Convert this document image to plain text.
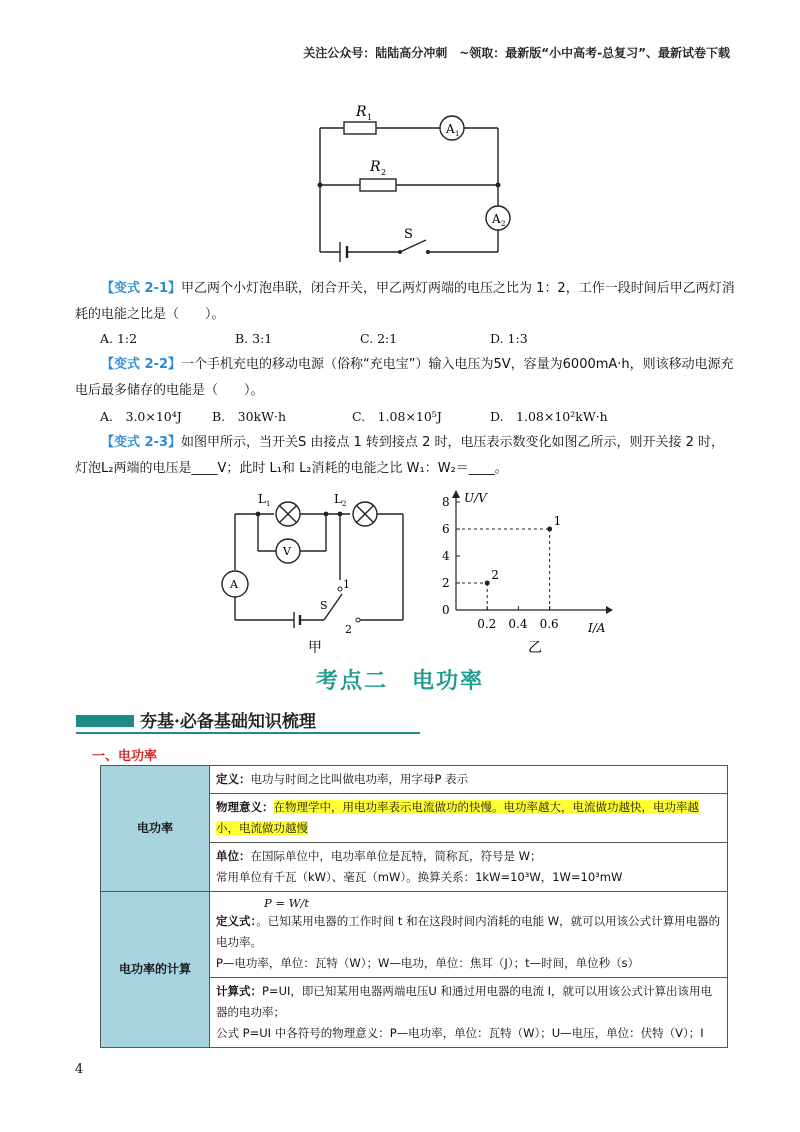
关注公众号：陆陆高分冲刺　~领取：最新版“小中高考-总复习”、最新试卷下载
R 1
A 1
R 2
A 2
S
【变式 2-1】甲乙两个小灯泡串联，闭合开关，甲乙两灯两端的电压之比为 1：2，工作一段时间后甲乙两灯消耗的电能之比是（　　）。
A. 1:2	B. 3:1	C. 2:1	D. 1:3
【变式 2-2】一个手机充电的移动电源（俗称“充电宝”）输入电压为5V，容量为6000mA·h，则该移动电源充电后最多储存的电能是（　　）。
A.　3.0×10⁴J B.　30kW·h	C.　1.08×10⁵J	D.　1.08×10²kW·h
【变式 2-3】如图甲所示，当开关S 由接点 1 转到接点 2 时，电压表示数变化如图乙所示，则开关接 2 时，灯泡L₂两端的电压是____V；此时 L₁和 L₂消耗的电能之比 W₁：W₂＝____。
L 1	L 2
V
A	1
S
2
甲
0
2
4
6
8
0.2 0.4 0.6
1
2
U/V
I/A
乙
考点二　电功率
夯基·必备基础知识梳理
一、电功率
电功率	定义：电功与时间之比叫做电功率，用字母P 表示
	物理意义：在物理学中，用电功率表示电流做功的快慢。电功率越大，电流做功越快，电功率越小，电流做功越慢
	单位：在国际单位中，电功率单位是瓦特，简称瓦，符号是 W；
常用单位有千瓦（kW）、毫瓦（mW）。换算关系：1kW=10³W，1W=10³mW
电功率的计算	P = W/t
定义式：。已知某用电器的工作时间 t 和在这段时间内消耗的电能 W，就可以用该公式计算用电器的电功率。
P—电功率，单位：瓦特（W）；W—电功，单位：焦耳（J）；t—时间，单位秒（s）
	计算式：P=UI，即已知某用电器两端电压U 和通过用电器的电流 I，就可以用该公式计算出该用电器的电功率；
公式 P=UI 中各符号的物理意义：P—电功率，单位：瓦特（W）；U—电压，单位：伏特（V）；I
4
